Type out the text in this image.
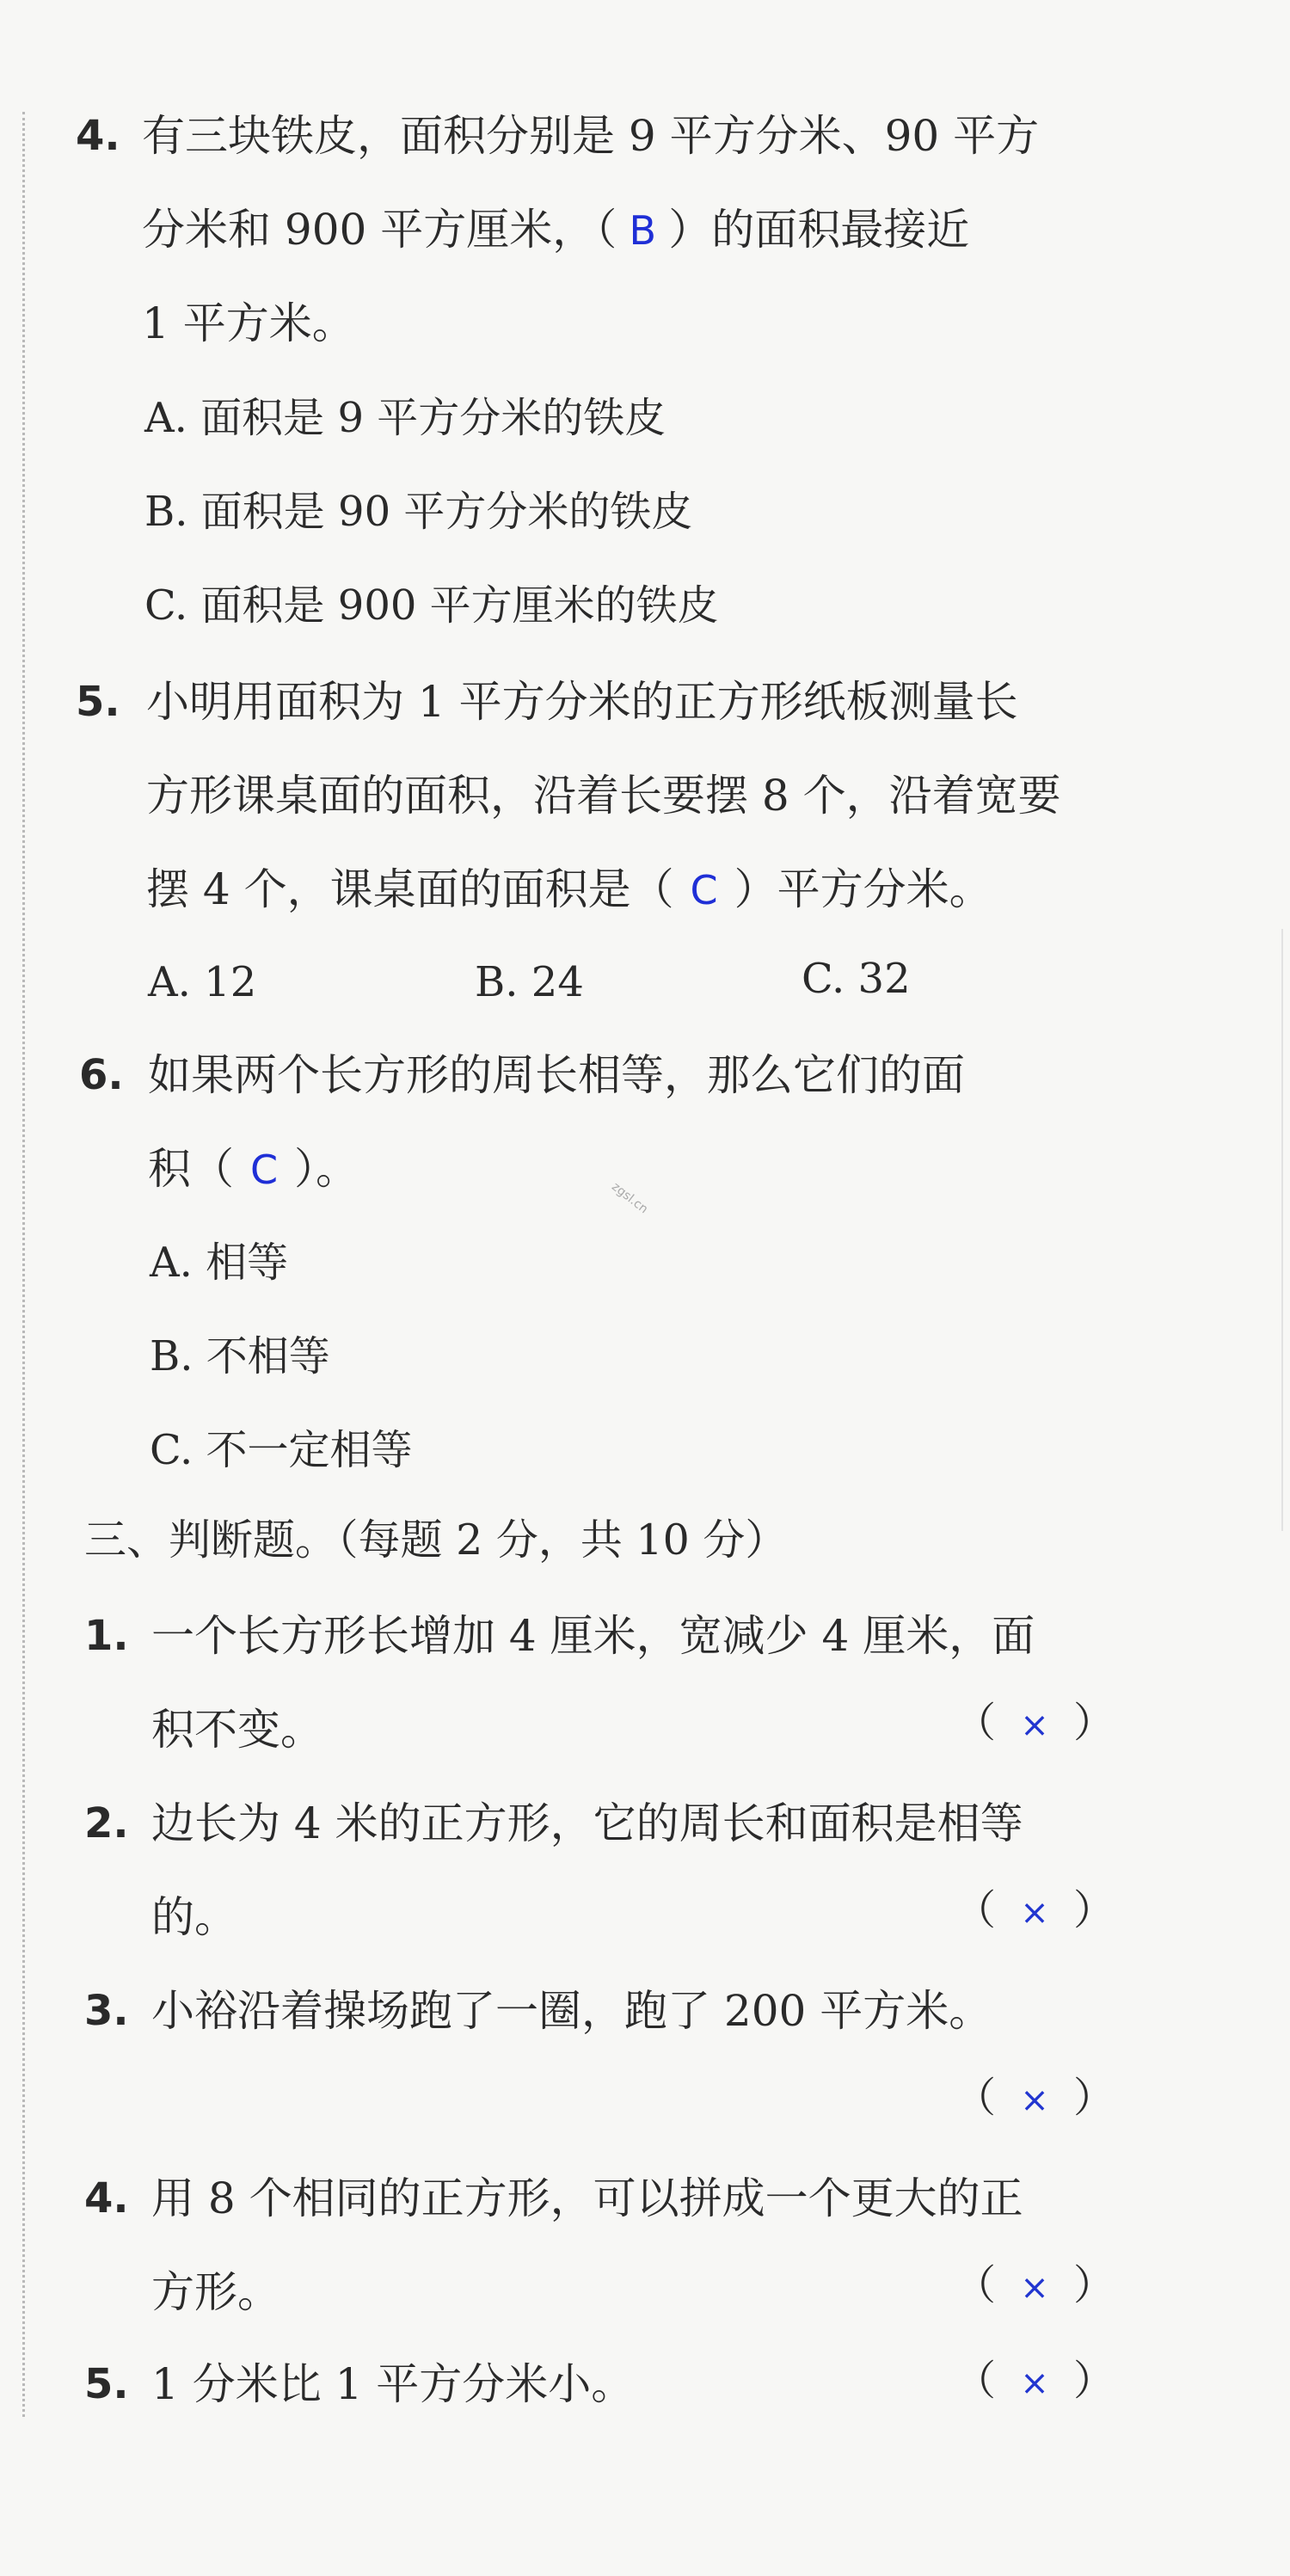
4. 有三块铁皮，面积分别是 9 平方分米、90 平方
分米和 900 平方厘米，（ B ）的面积最接近
1 平方米。
A. 面积是 9 平方分米的铁皮
B. 面积是 90 平方分米的铁皮
C. 面积是 900 平方厘米的铁皮
5. 小明用面积为 1 平方分米的正方形纸板测量长
方形课桌面的面积，沿着长要摆 8 个，沿着宽要
摆 4 个，课桌面的面积是（ C ）平方分米。
A. 12	B. 24	C. 32
6. 如果两个长方形的周长相等，那么它们的面
积（ C ）。
A. 相等
B. 不相等
C. 不一定相等
zgsl.cn
三、判断题。（每题 2 分，共 10 分）
1. 一个长方形长增加 4 厘米，宽减少 4 厘米，面
积不变。	（ × ）
2. 边长为 4 米的正方形，它的周长和面积是相等
的。	（ × ）
3. 小裕沿着操场跑了一圈，跑了 200 平方米。
（ × ）
4. 用 8 个相同的正方形，可以拼成一个更大的正
方形。	（ × ）
5. 1 分米比 1 平方分米小。	（ × ）
